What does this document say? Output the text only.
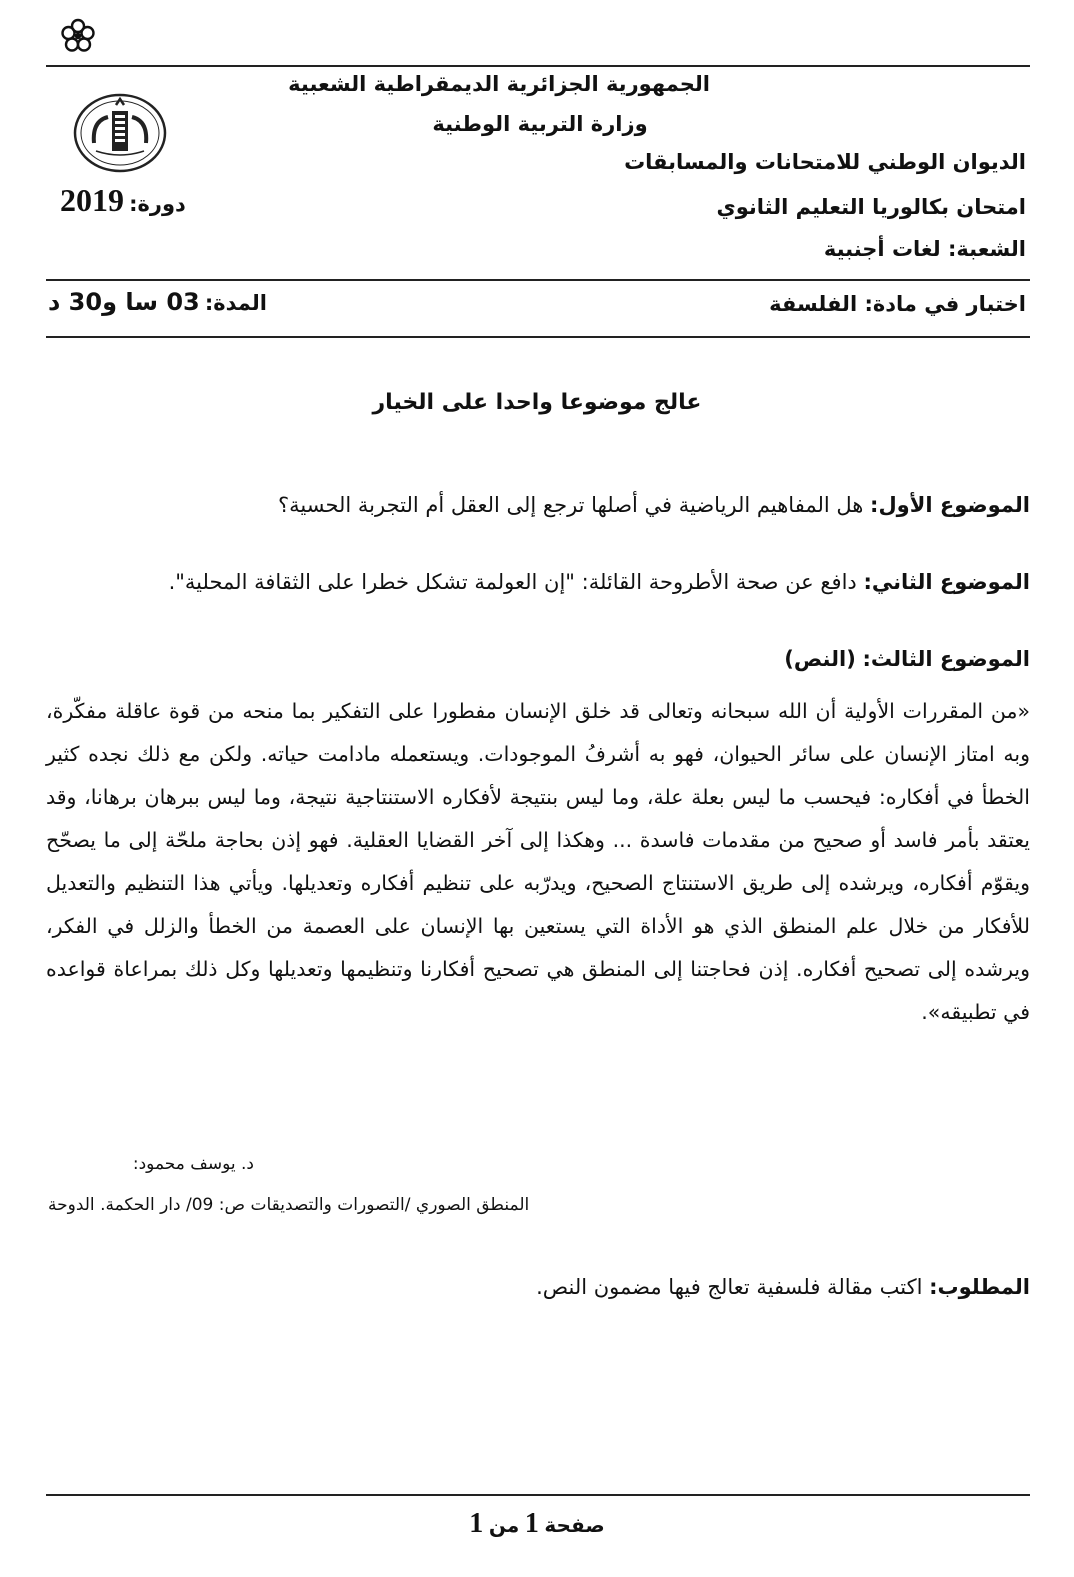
الجمهورية الجزائرية الديمقراطية الشعبية
وزارة التربية الوطنية
الديوان الوطني للامتحانات والمسابقات
امتحان بكالوريا التعليم الثانوي
الشعبة: لغات أجنبية
دورة: 2019
اختبار في مادة: الفلسفة
المدة: 03 سا و30 د
عالج موضوعا واحدا على الخيار
الموضوع الأول: هل المفاهيم الرياضية في أصلها ترجع إلى العقل أم التجربة الحسية؟
الموضوع الثاني: دافع عن صحة الأطروحة القائلة: "إن العولمة تشكل خطرا على الثقافة المحلية".
الموضوع الثالث: (النص)
«من المقررات الأولية أن الله سبحانه وتعالى قد خلق الإنسان مفطورا على التفكير بما منحه من قوة عاقلة مفكّرة، وبه امتاز الإنسان على سائر الحيوان، فهو به أشرفُ الموجودات. ويستعمله مادامت حياته. ولكن مع ذلك نجده كثير الخطأ في أفكاره: فيحسب ما ليس بعلة علة، وما ليس بنتيجة لأفكاره الاستنتاجية نتيجة، وما ليس ببرهان برهانا، وقد يعتقد بأمر فاسد أو صحيح من مقدمات فاسدة ... وهكذا إلى آخر القضايا العقلية. فهو إذن بحاجة ملحّة إلى ما يصحّح ويقوّم أفكاره، ويرشده إلى طريق الاستنتاج الصحيح، ويدرّبه على تنظيم أفكاره وتعديلها. ويأتي هذا التنظيم والتعديل للأفكار من خلال علم المنطق الذي هو الأداة التي يستعين بها الإنسان على العصمة من الخطأ والزلل في الفكر، ويرشده إلى تصحيح أفكاره. إذن فحاجتنا إلى المنطق هي تصحيح أفكارنا وتنظيمها وتعديلها وكل ذلك بمراعاة قواعده في تطبيقه».
د. يوسف محمود:
المنطق الصوري /التصورات والتصديقات ص: 09/ دار الحكمة. الدوحة
المطلوب: اكتب مقالة فلسفية تعالج فيها مضمون النص.
صفحة 1 من 1
